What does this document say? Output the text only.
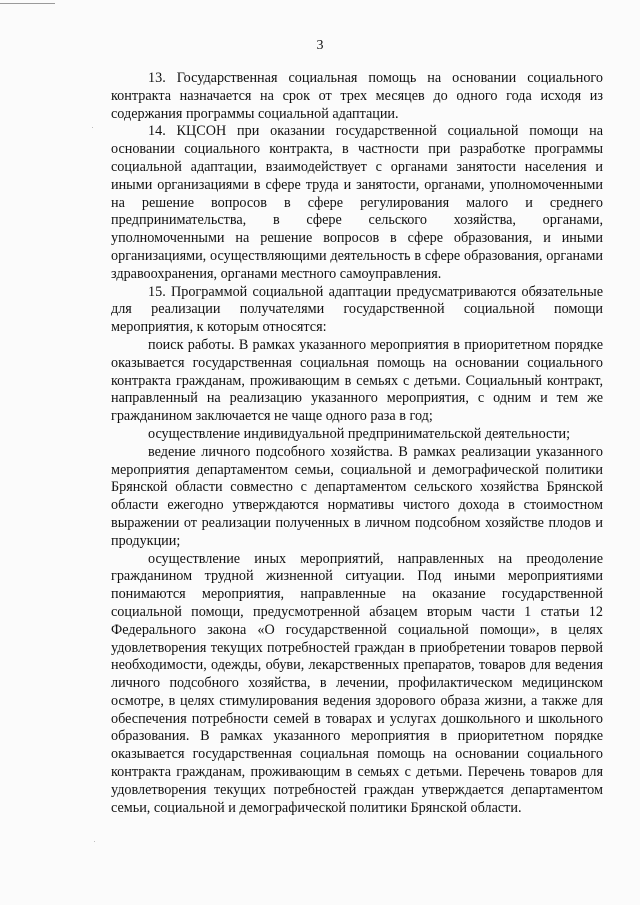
3

13. Государственная социальная помощь на основании социального контракта назначается на срок от трех месяцев до одного года исходя из содержания программы социальной адаптации.

14. КЦСОН при оказании государственной социальной помощи на основании социального контракта, в частности при разработке программы социальной адаптации, взаимодействует с органами занятости населения и иными организациями в сфере труда и занятости, органами, уполномоченными на решение вопросов в сфере регулирования малого и среднего предпринимательства, в сфере сельского хозяйства, органами, уполномоченными на решение вопросов в сфере образования, и иными организациями, осуществляющими деятельность в сфере образования, органами здравоохранения, органами местного самоуправления.

15. Программой социальной адаптации предусматриваются обязательные для реализации получателями государственной социальной помощи мероприятия, к которым относятся:

поиск работы. В рамках указанного мероприятия в приоритетном порядке оказывается государственная социальная помощь на основании социального контракта гражданам, проживающим в семьях с детьми. Социальный контракт, направленный на реализацию указанного мероприятия, с одним и тем же гражданином заключается не чаще одного раза в год;

осуществление индивидуальной предпринимательской деятельности;

ведение личного подсобного хозяйства. В рамках реализации указанного мероприятия департаментом семьи, социальной и демографической политики Брянской области совместно с департаментом сельского хозяйства Брянской области ежегодно утверждаются нормативы чистого дохода в стоимостном выражении от реализации полученных в личном подсобном хозяйстве плодов и продукции;

осуществление иных мероприятий, направленных на преодоление гражданином трудной жизненной ситуации. Под иными мероприятиями понимаются мероприятия, направленные на оказание государственной социальной помощи, предусмотренной абзацем вторым части 1 статьи 12 Федерального закона «О государственной социальной помощи», в целях удовлетворения текущих потребностей граждан в приобретении товаров первой необходимости, одежды, обуви, лекарственных препаратов, товаров для ведения личного подсобного хозяйства, в лечении, профилактическом медицинском осмотре, в целях стимулирования ведения здорового образа жизни, а также для обеспечения потребности семей в товарах и услугах дошкольного и школьного образования. В рамках указанного мероприятия в приоритетном порядке оказывается государственная социальная помощь на основании социального контракта гражданам, проживающим в семьях с детьми. Перечень товаров для удовлетворения текущих потребностей граждан утверждается департаментом семьи, социальной и демографической политики Брянской области.
